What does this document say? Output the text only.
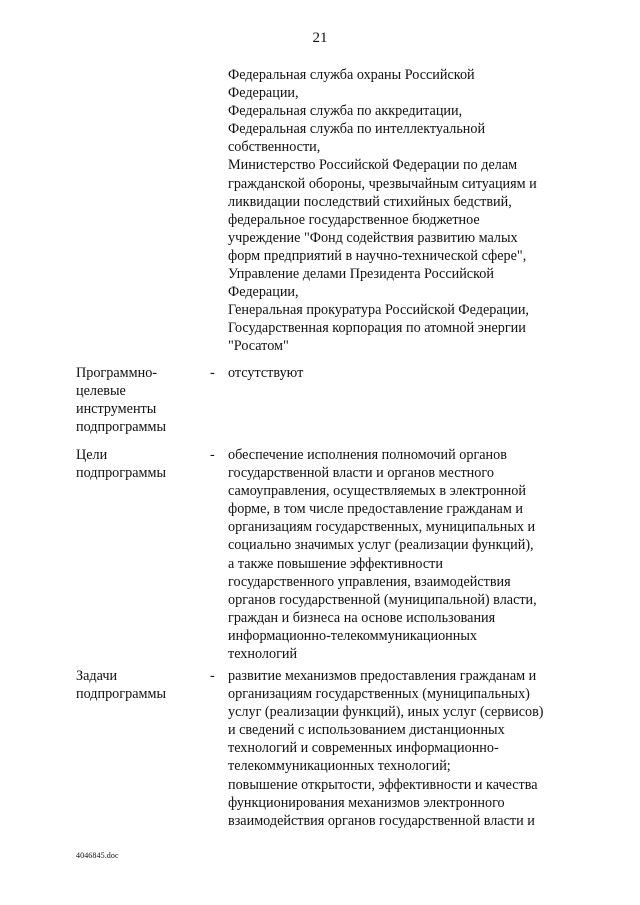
21
Федеральная служба охраны Российской
Федерации,
Федеральная служба по аккредитации,
Федеральная служба по интеллектуальной
собственности,
Министерство Российской Федерации по делам
гражданской обороны, чрезвычайным ситуациям и
ликвидации последствий стихийных бедствий,
федеральное государственное бюджетное
учреждение "Фонд содействия развитию малых
форм предприятий в научно-технической сфере",
Управление делами Президента Российской
Федерации,
Генеральная прокуратура Российской Федерации,
Государственная корпорация по атомной энергии
"Росатом"
Программно-
целевые
инструменты
подпрограммы
- отсутствуют
Цели
подпрограммы
- обеспечение исполнения полномочий органов
государственной власти и органов местного
самоуправления, осуществляемых в электронной
форме, в том числе предоставление гражданам и
организациям государственных, муниципальных и
социально значимых услуг (реализации функций),
а также повышение эффективности
государственного управления, взаимодействия
органов государственной (муниципальной) власти,
граждан и бизнеса на основе использования
информационно-телекоммуникационных
технологий
Задачи
подпрограммы
- развитие механизмов предоставления гражданам и
организациям государственных (муниципальных)
услуг (реализации функций), иных услуг (сервисов)
и сведений с использованием дистанционных
технологий и современных информационно-
телекоммуникационных технологий;
повышение открытости, эффективности и качества
функционирования механизмов электронного
взаимодействия органов государственной власти и
4046845.doc
